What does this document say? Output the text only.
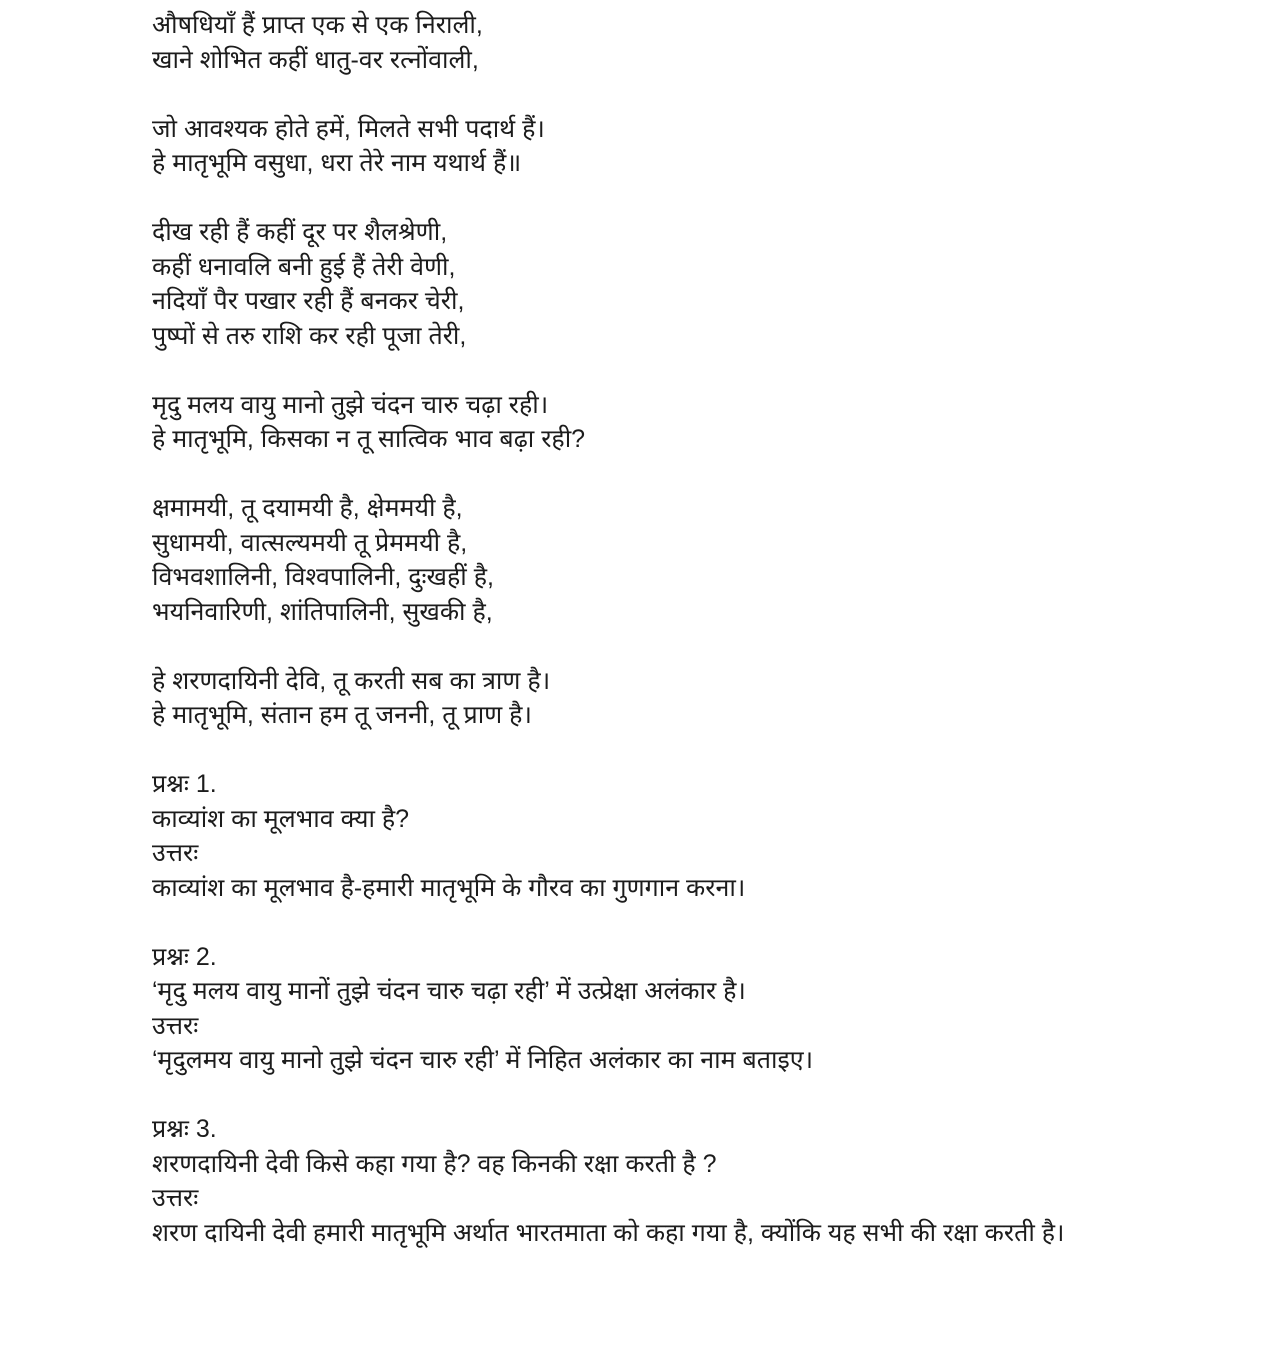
औषधियाँ हैं प्राप्त एक से एक निराली,
खाने शोभित कहीं धातु-वर रत्नोंवाली,
जो आवश्यक होते हमें, मिलते सभी पदार्थ हैं।
हे मातृभूमि वसुधा, धरा तेरे नाम यथार्थ हैं॥
दीख रही हैं कहीं दूर पर शैलश्रेणी,
कहीं धनावलि बनी हुई हैं तेरी वेणी,
नदियाँ पैर पखार रही हैं बनकर चेरी,
पुष्पों से तरु राशि कर रही पूजा तेरी,
मृदु मलय वायु मानो तुझे चंदन चारु चढ़ा रही।
हे मातृभूमि, किसका न तू सात्विक भाव बढ़ा रही?
क्षमामयी, तू दयामयी है, क्षेममयी है,
सुधामयी, वात्सल्यमयी तू प्रेममयी है,
विभवशालिनी, विश्वपालिनी, दुःखहीं है,
भयनिवारिणी, शांतिपालिनी, सुखकी है,
हे शरणदायिनी देवि, तू करती सब का त्राण है।
हे मातृभूमि, संतान हम तू जननी, तू प्राण है।
प्रश्नः 1.
काव्यांश का मूलभाव क्या है?
उत्तरः
काव्यांश का मूलभाव है-हमारी मातृभूमि के गौरव का गुणगान करना।
प्रश्नः 2.
‘मृदु मलय वायु मानों तुझे चंदन चारु चढ़ा रही’ में उत्प्रेक्षा अलंकार है।
उत्तरः
‘मृदुलमय वायु मानो तुझे चंदन चारु रही’ में निहित अलंकार का नाम बताइए।
प्रश्नः 3.
शरणदायिनी देवी किसे कहा गया है? वह किनकी रक्षा करती है ?
उत्तरः
शरण दायिनी देवी हमारी मातृभूमि अर्थात भारतमाता को कहा गया है, क्योंकि यह सभी की रक्षा करती है।
